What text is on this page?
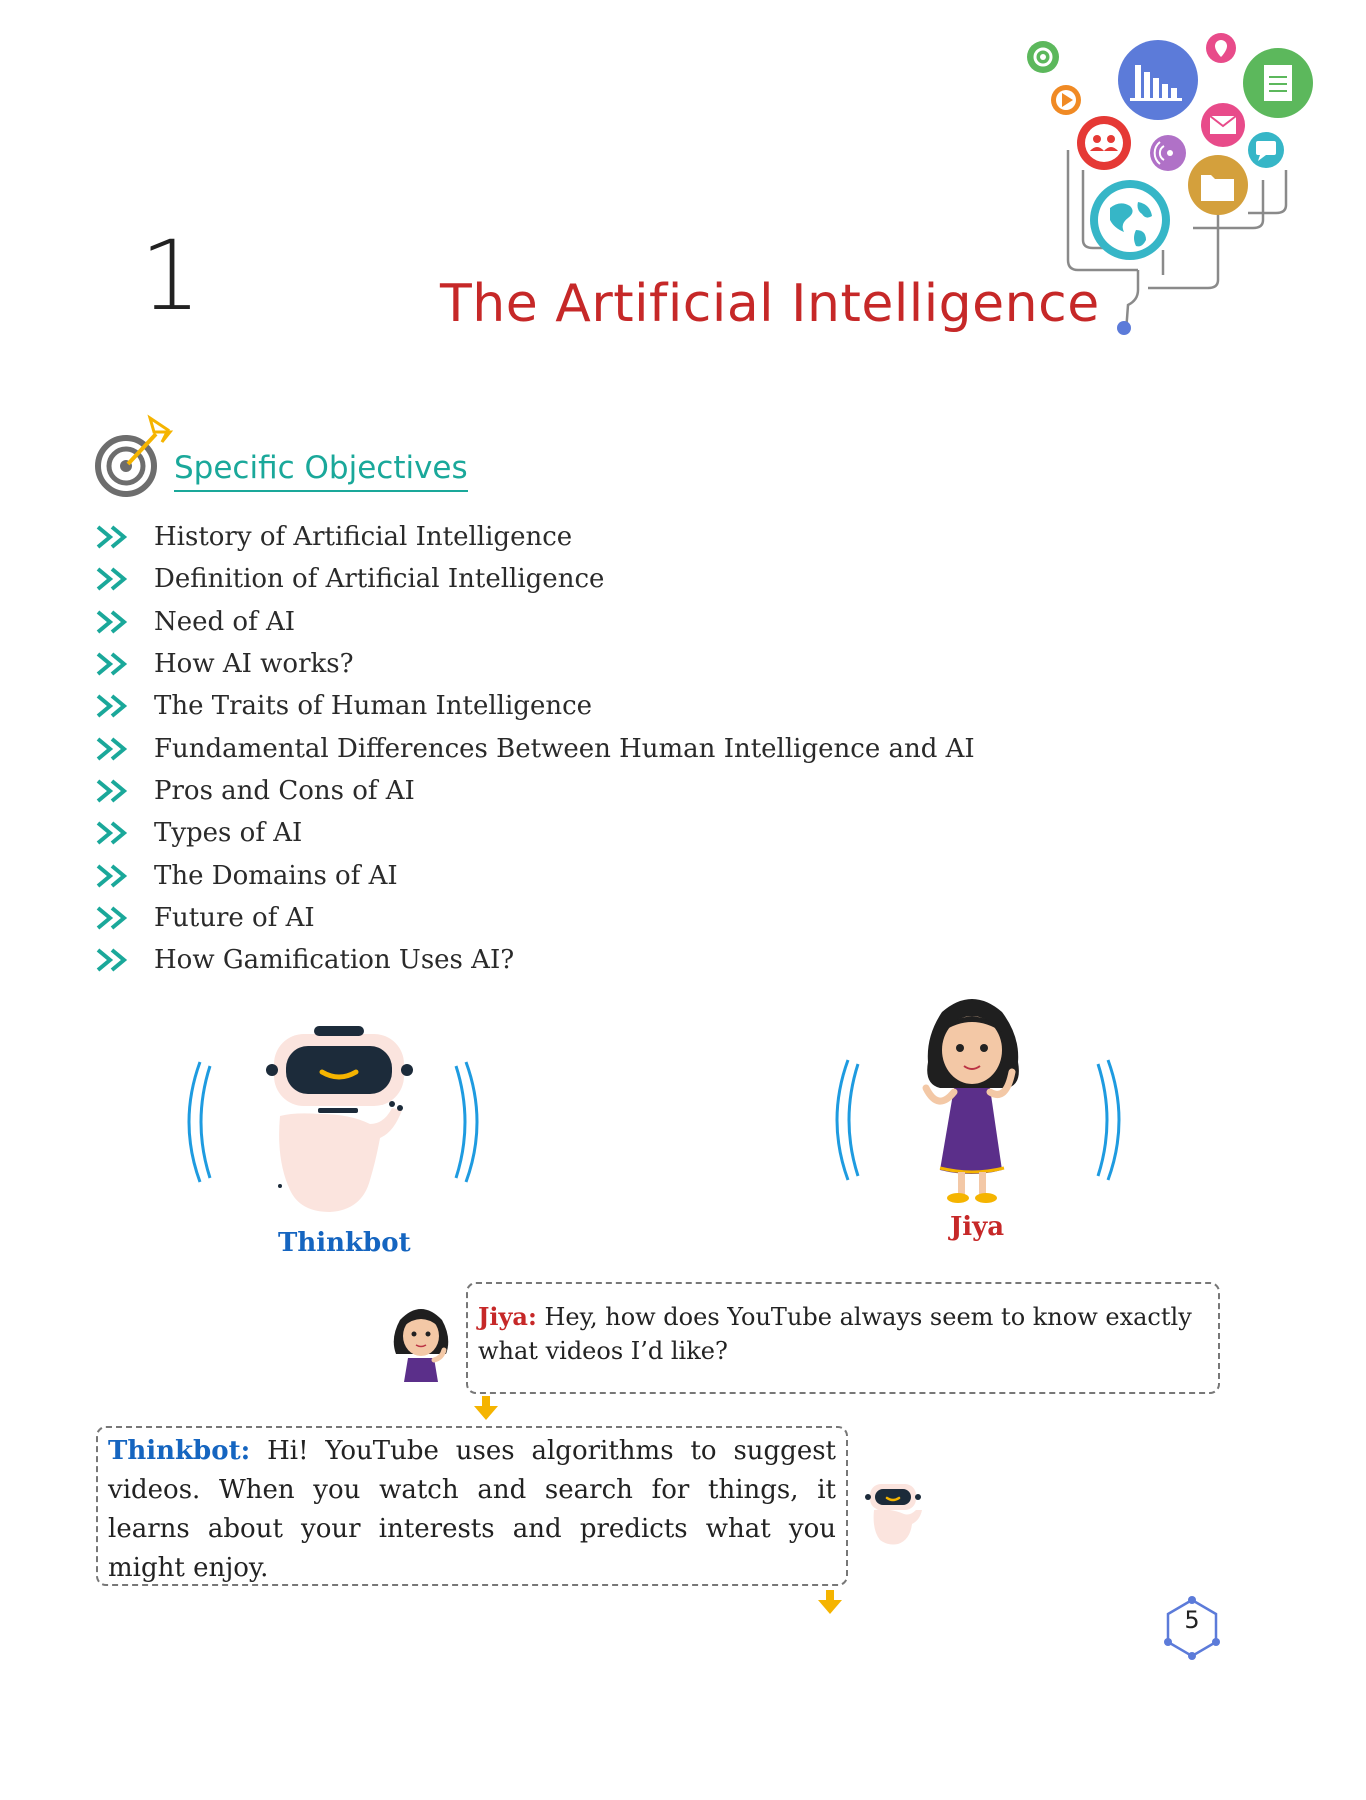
1	The Artificial Intelligence
Specific Objectives
History of Artificial Intelligence
Definition of Artificial Intelligence
Need of AI
How AI works?
The Traits of Human Intelligence
Fundamental Differences Between Human Intelligence and AI
Pros and Cons of AI
Types of AI
The Domains of AI
Future of AI
How Gamification Uses AI?
Thinkbot
Jiya
Jiya: Hey, how does YouTube always seem to know exactly what videos I’d like?
Thinkbot: Hi! YouTube uses algorithms to suggest videos. When you watch and search for things, it learns about your interests and predicts what you might enjoy.
5
